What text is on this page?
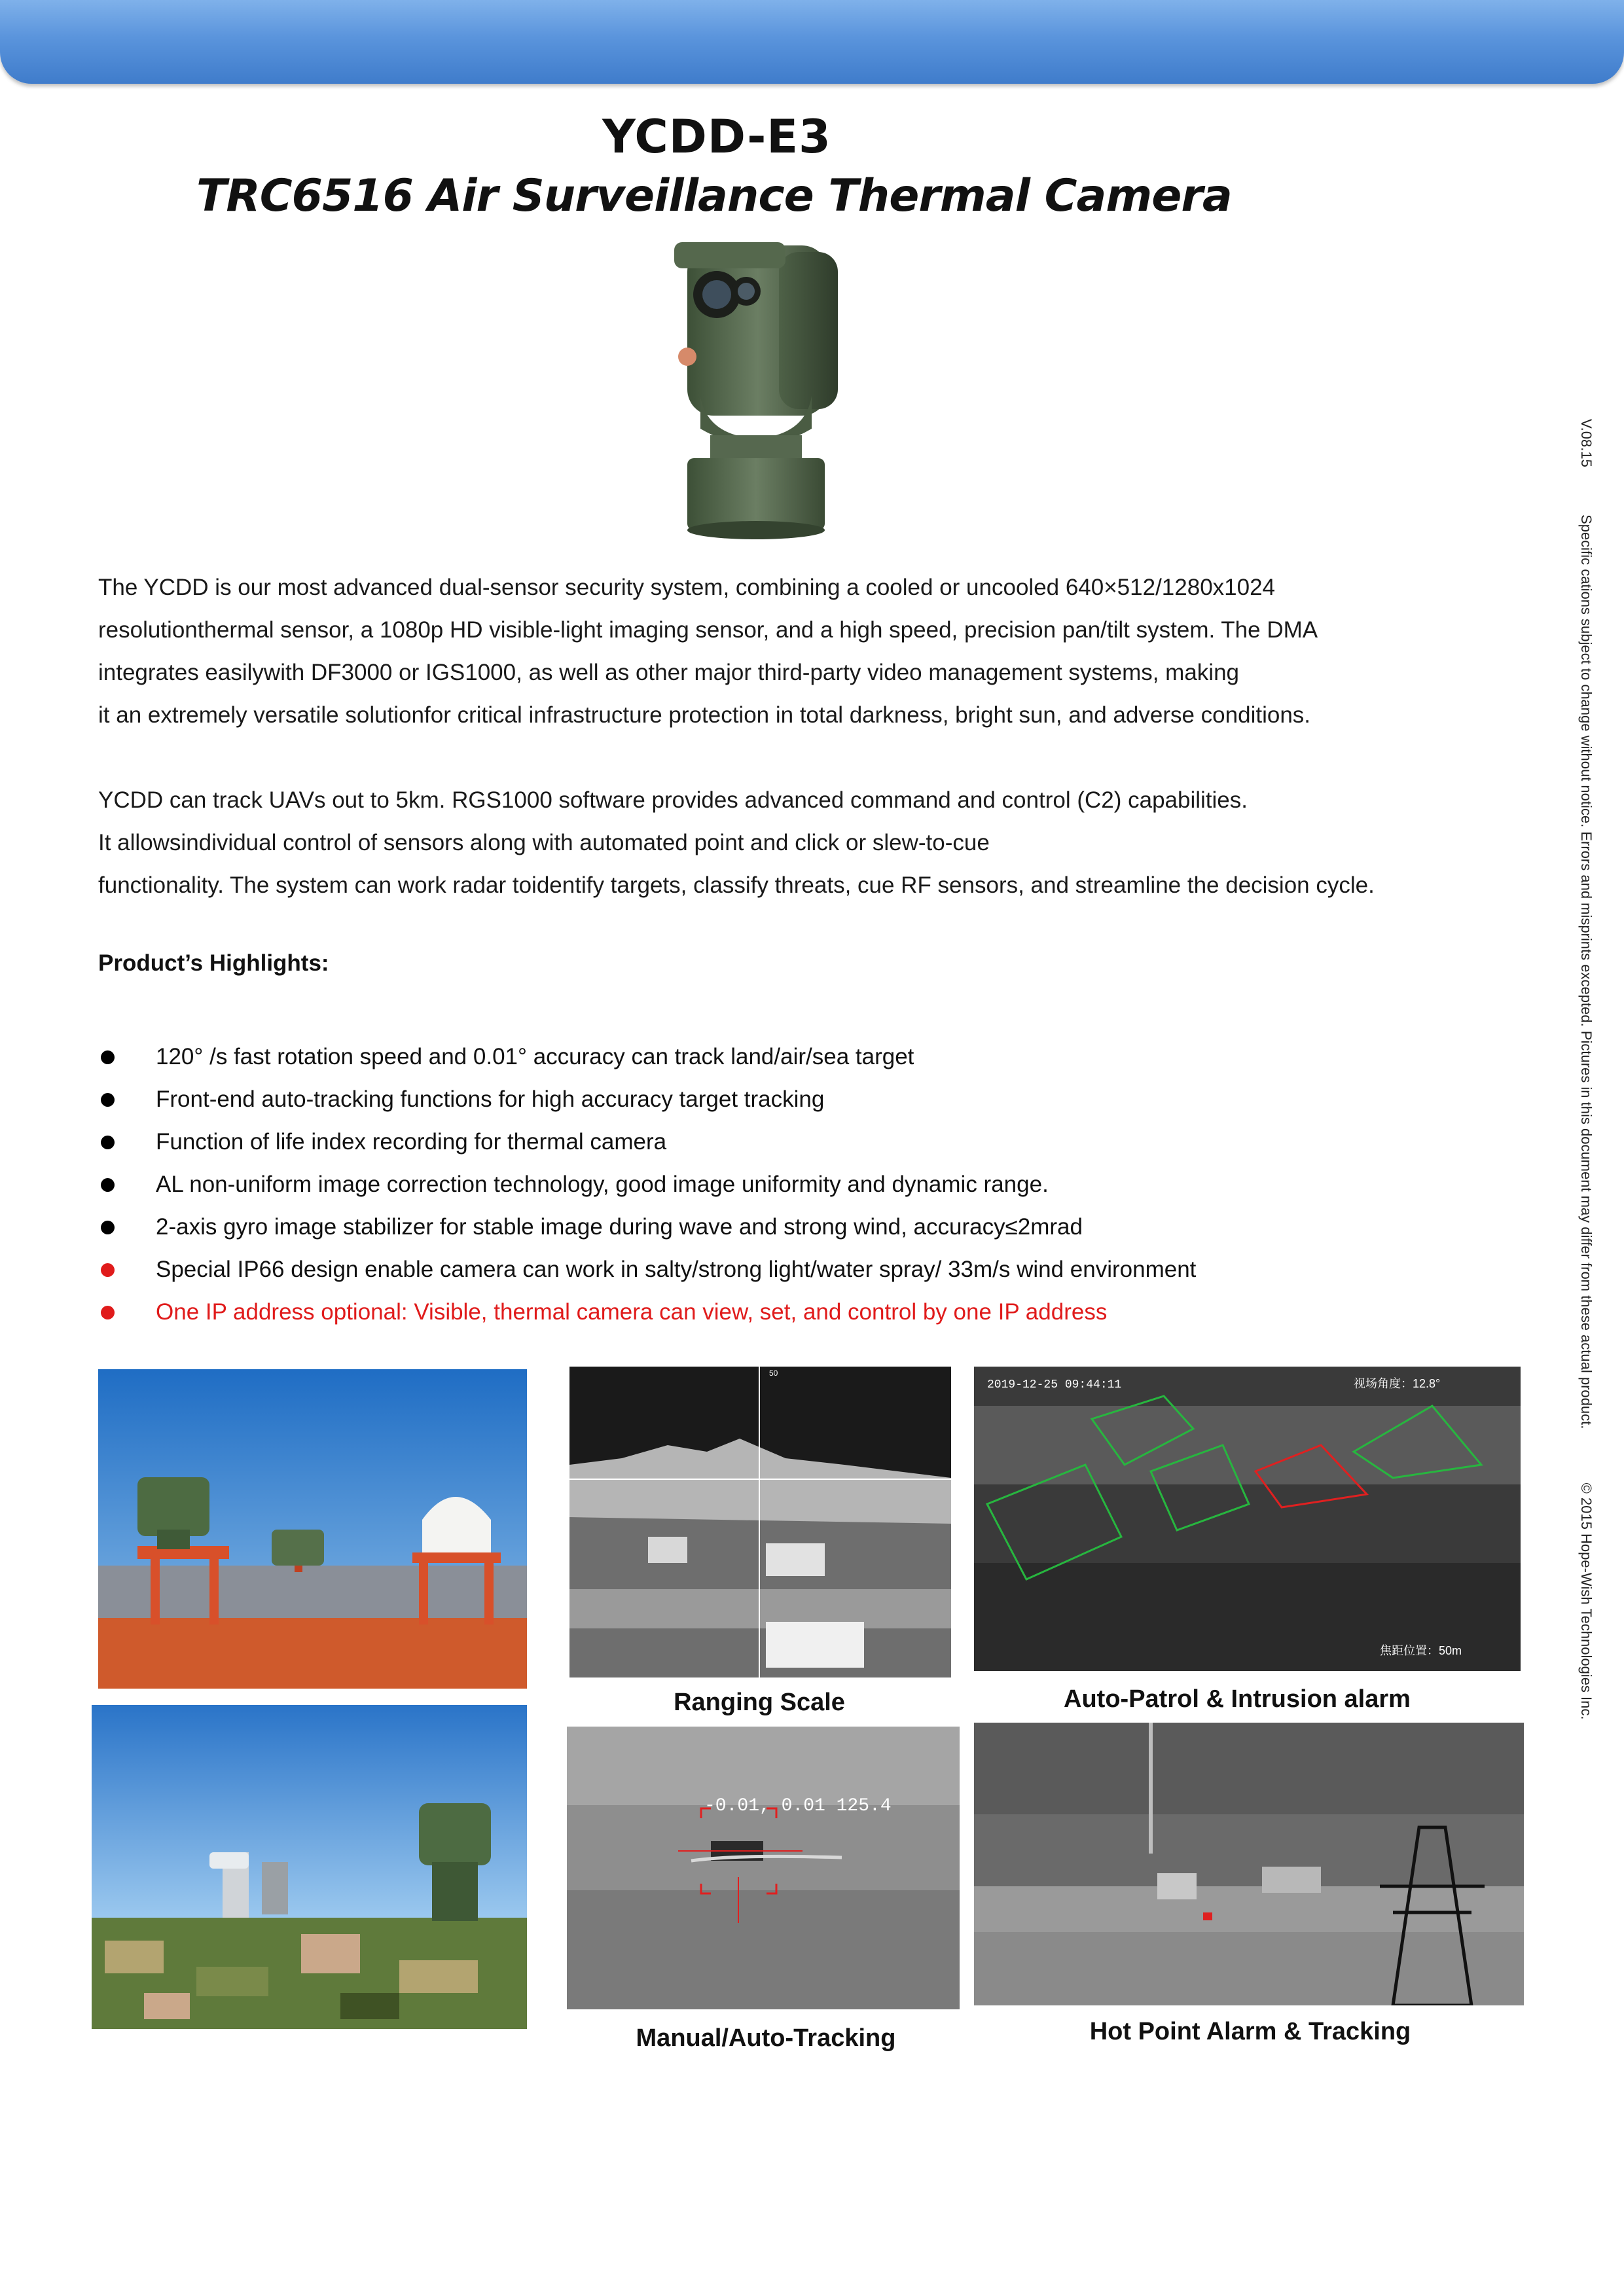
YCDD-E3
TRC6516 Air Surveillance Thermal Camera
The YCDD is our most advanced dual-sensor security system, combining a cooled or uncooled 640×512/1280x1024
resolutionthermal sensor, a 1080p HD visible-light imaging sensor, and a high speed, precision pan/tilt system. The DMA
integrates easilywith DF3000 or IGS1000, as well as other major third-party video management systems, making
it an extremely versatile solutionfor critical infrastructure protection in total darkness, bright sun, and adverse conditions.
YCDD can track UAVs out to 5km. RGS1000 software provides advanced command and control (C2) capabilities.
It allowsindividual control of sensors along with automated point and click or slew-to-cue
functionality. The system can work radar toidentify targets, classify threats, cue RF sensors, and streamline the decision cycle.
Product’s Highlights:
120° /s fast rotation speed and 0.01° accuracy can track land/air/sea target
Front-end auto-tracking functions for high accuracy target tracking
Function of life index recording for thermal camera
AL non-uniform image correction technology, good image uniformity and dynamic range.
2-axis gyro image stabilizer for stable image during wave and strong wind, accuracy≤2mrad
Special IP66 design enable camera can work in salty/strong light/water spray/ 33m/s wind environment
One IP address optional: Visible, thermal camera can view, set, and control by one IP address
V.08.15  Specific cations subject to change without notice. Errors and misprints excepted. Pictures in this document may differ from these actual product.  © 2015 Hope-Wish Technologies Inc.
50
2019-12-25 09:44:11	视场角度：12.8°
焦距位置：50m
Ranging Scale	Auto-Patrol & Intrusion alarm
-0.01, 0.01 125.4
Manual/Auto-Tracking	Hot Point Alarm & Tracking
